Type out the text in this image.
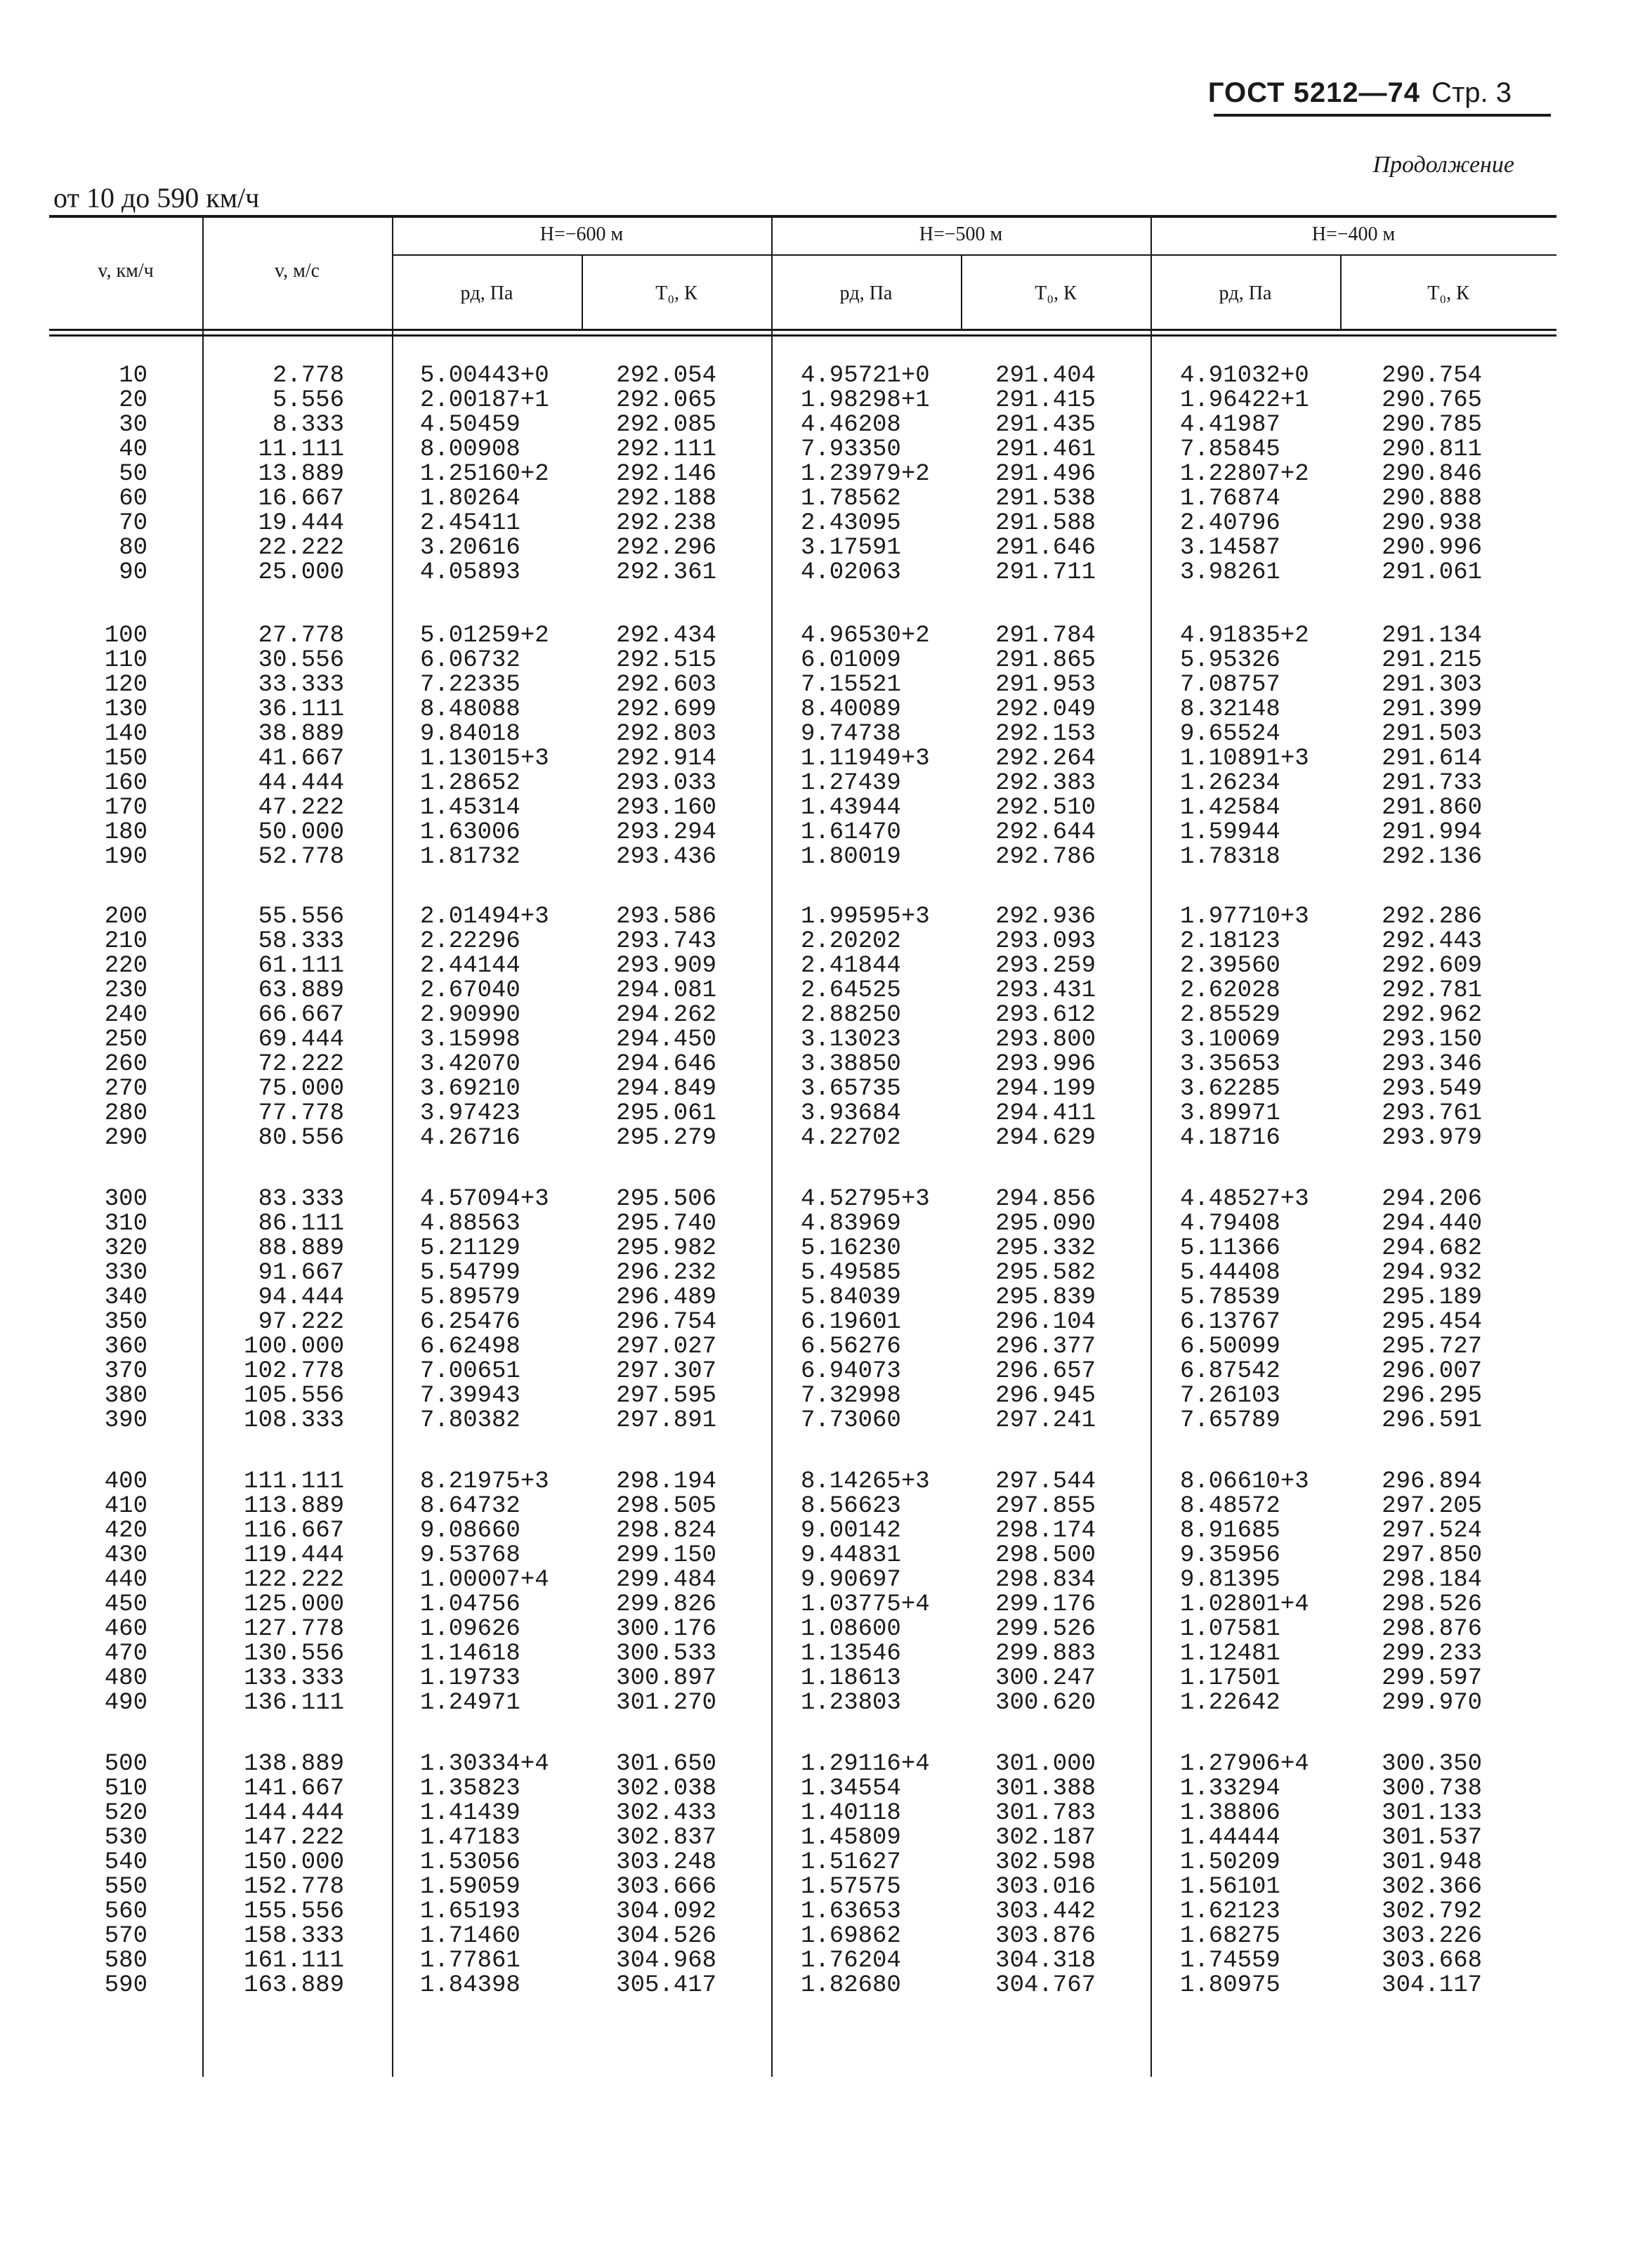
ГОСТ 5212—74 Стр. 3
Продолжение
от 10 до 590 км/ч
v, км/ч	v, м/с
H=−600 м	H=−500 м	H=−400 м
pд, Па	T₀, К	pд, Па	T₀, К	pд, Па	T₀, К
10	2.778	5.00443+0	292.054	4.95721+0	291.404	4.91032+0	290.754
20	5.556	2.00187+1	292.065	1.98298+1	291.415	1.96422+1	290.765
30	8.333	4.50459	292.085	4.46208	291.435	4.41987	290.785
40	11.111	8.00908	292.111	7.93350	291.461	7.85845	290.811
50	13.889	1.25160+2	292.146	1.23979+2	291.496	1.22807+2	290.846
60	16.667	1.80264	292.188	1.78562	291.538	1.76874	290.888
70	19.444	2.45411	292.238	2.43095	291.588	2.40796	290.938
80	22.222	3.20616	292.296	3.17591	291.646	3.14587	290.996
90	25.000	4.05893	292.361	4.02063	291.711	3.98261	291.061
100	27.778	5.01259+2	292.434	4.96530+2	291.784	4.91835+2	291.134
110	30.556	6.06732	292.515	6.01009	291.865	5.95326	291.215
120	33.333	7.22335	292.603	7.15521	291.953	7.08757	291.303
130	36.111	8.48088	292.699	8.40089	292.049	8.32148	291.399
140	38.889	9.84018	292.803	9.74738	292.153	9.65524	291.503
150	41.667	1.13015+3	292.914	1.11949+3	292.264	1.10891+3	291.614
160	44.444	1.28652	293.033	1.27439	292.383	1.26234	291.733
170	47.222	1.45314	293.160	1.43944	292.510	1.42584	291.860
180	50.000	1.63006	293.294	1.61470	292.644	1.59944	291.994
190	52.778	1.81732	293.436	1.80019	292.786	1.78318	292.136
200	55.556	2.01494+3	293.586	1.99595+3	292.936	1.97710+3	292.286
210	58.333	2.22296	293.743	2.20202	293.093	2.18123	292.443
220	61.111	2.44144	293.909	2.41844	293.259	2.39560	292.609
230	63.889	2.67040	294.081	2.64525	293.431	2.62028	292.781
240	66.667	2.90990	294.262	2.88250	293.612	2.85529	292.962
250	69.444	3.15998	294.450	3.13023	293.800	3.10069	293.150
260	72.222	3.42070	294.646	3.38850	293.996	3.35653	293.346
270	75.000	3.69210	294.849	3.65735	294.199	3.62285	293.549
280	77.778	3.97423	295.061	3.93684	294.411	3.89971	293.761
290	80.556	4.26716	295.279	4.22702	294.629	4.18716	293.979
300	83.333	4.57094+3	295.506	4.52795+3	294.856	4.48527+3	294.206
310	86.111	4.88563	295.740	4.83969	295.090	4.79408	294.440
320	88.889	5.21129	295.982	5.16230	295.332	5.11366	294.682
330	91.667	5.54799	296.232	5.49585	295.582	5.44408	294.932
340	94.444	5.89579	296.489	5.84039	295.839	5.78539	295.189
350	97.222	6.25476	296.754	6.19601	296.104	6.13767	295.454
360	100.000	6.62498	297.027	6.56276	296.377	6.50099	295.727
370	102.778	7.00651	297.307	6.94073	296.657	6.87542	296.007
380	105.556	7.39943	297.595	7.32998	296.945	7.26103	296.295
390	108.333	7.80382	297.891	7.73060	297.241	7.65789	296.591
400	111.111	8.21975+3	298.194	8.14265+3	297.544	8.06610+3	296.894
410	113.889	8.64732	298.505	8.56623	297.855	8.48572	297.205
420	116.667	9.08660	298.824	9.00142	298.174	8.91685	297.524
430	119.444	9.53768	299.150	9.44831	298.500	9.35956	297.850
440	122.222	1.00007+4	299.484	9.90697	298.834	9.81395	298.184
450	125.000	1.04756	299.826	1.03775+4	299.176	1.02801+4	298.526
460	127.778	1.09626	300.176	1.08600	299.526	1.07581	298.876
470	130.556	1.14618	300.533	1.13546	299.883	1.12481	299.233
480	133.333	1.19733	300.897	1.18613	300.247	1.17501	299.597
490	136.111	1.24971	301.270	1.23803	300.620	1.22642	299.970
500	138.889	1.30334+4	301.650	1.29116+4	301.000	1.27906+4	300.350
510	141.667	1.35823	302.038	1.34554	301.388	1.33294	300.738
520	144.444	1.41439	302.433	1.40118	301.783	1.38806	301.133
530	147.222	1.47183	302.837	1.45809	302.187	1.44444	301.537
540	150.000	1.53056	303.248	1.51627	302.598	1.50209	301.948
550	152.778	1.59059	303.666	1.57575	303.016	1.56101	302.366
560	155.556	1.65193	304.092	1.63653	303.442	1.62123	302.792
570	158.333	1.71460	304.526	1.69862	303.876	1.68275	303.226
580	161.111	1.77861	304.968	1.76204	304.318	1.74559	303.668
590	163.889	1.84398	305.417	1.82680	304.767	1.80975	304.117
